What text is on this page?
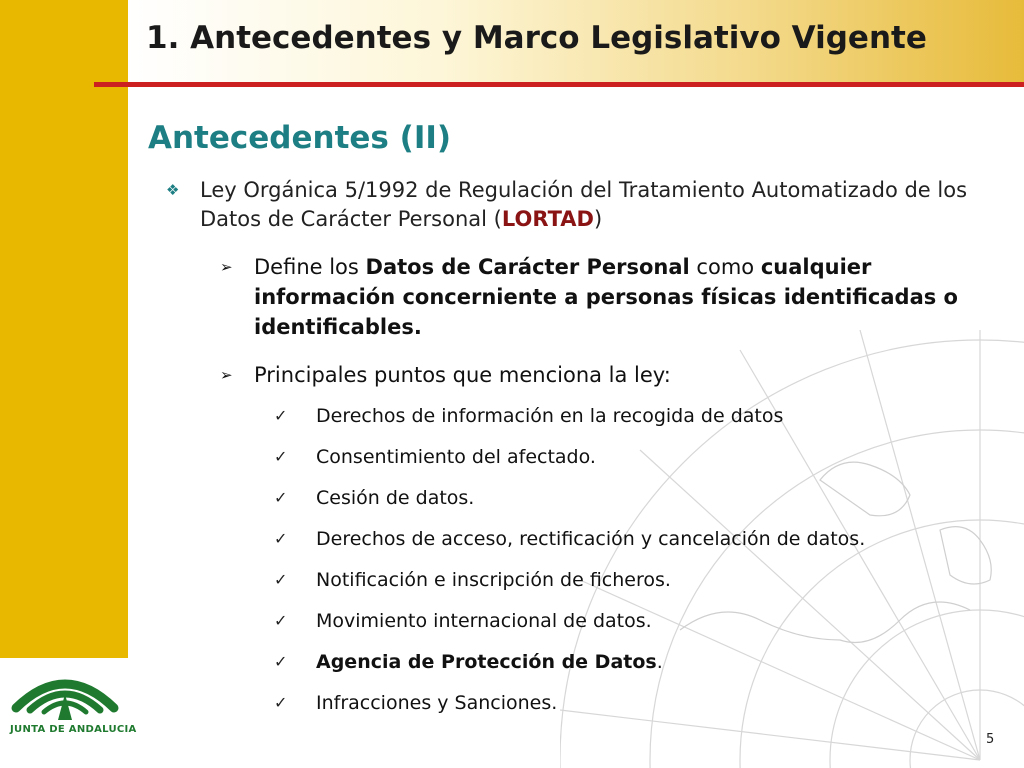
1. Antecedentes y Marco Legislativo Vigente
Antecedentes (II)
❖ Ley Orgánica 5/1992 de Regulación del Tratamiento Automatizado de los Datos de Carácter Personal (LORTAD)
➢ Define los Datos de Carácter Personal como cualquier información concerniente a personas físicas identificadas o identificables.
➢ Principales puntos que menciona la ley:
✓ Derechos de información en la recogida de datos
✓ Consentimiento del afectado.
✓ Cesión de datos.
✓ Derechos de acceso, rectificación y cancelación de datos.
✓ Notificación e inscripción de ficheros.
✓ Movimiento internacional de datos.
✓ Agencia de Protección de Datos.
✓ Infracciones y Sanciones.
JUNTA DE ANDALUCIA
5
